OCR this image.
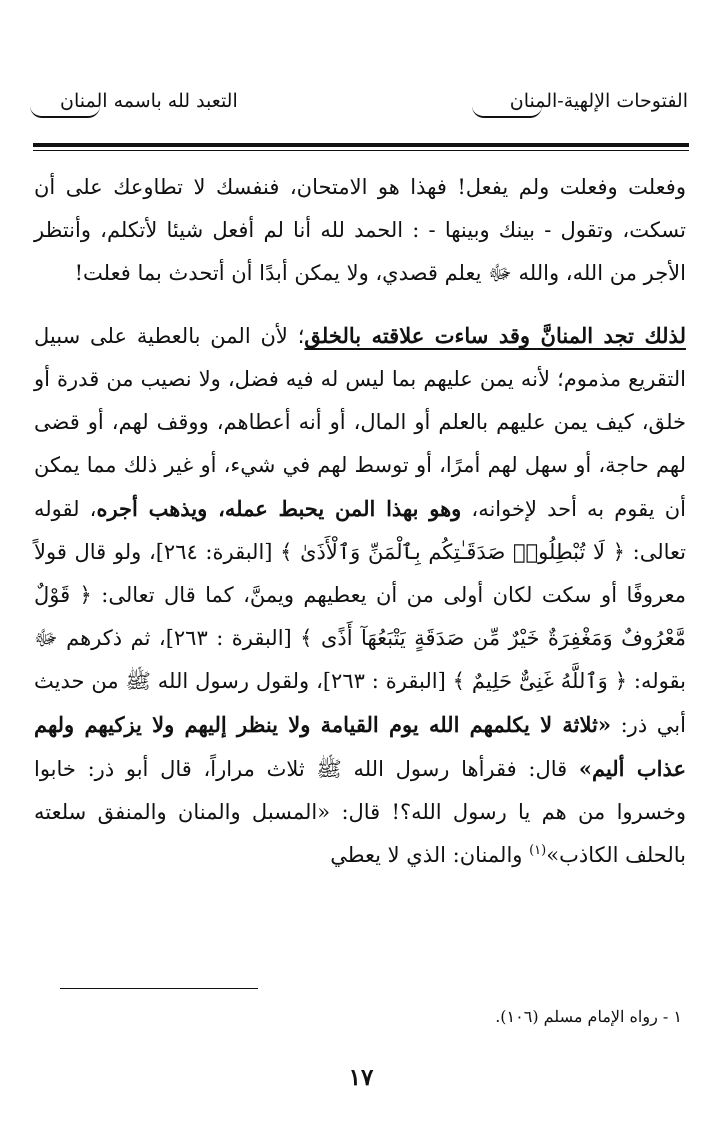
الفتوحات الإلهية-المنان
التعبد لله باسمه المنان

وفعلت وفعلت ولم يفعل! فهذا هو الامتحان، فنفسك لا تطاوعك على أن تسكت، وتقول - بينك وبينها - : الحمد لله أنا لم أفعل شيئا لأتكلم، وأنتظر الأجر من الله، والله ﷻ يعلم قصدي، ولا يمكن أبدًا أن أتحدث بما فعلت!

لذلك تجد المنانَّ وقد ساءت علاقته بالخلق؛ لأن المن بالعطية على سبيل التقريع مذموم؛ لأنه يمن عليهم بما ليس له فيه فضل، ولا نصيب من قدرة أو خلق، كيف يمن عليهم بالعلم أو المال، أو أنه أعطاهم، ووقف لهم، أو قضى لهم حاجة، أو سهل لهم أمرًا، أو توسط لهم في شيء، أو غير ذلك مما يمكن أن يقوم به أحد لإخوانه، وهو بهذا المن يحبط عمله، ويذهب أجره، لقوله تعالى: ﴿ لَا تُبْطِلُوا۟ صَدَقَـٰتِكُم بِٱلْمَنِّ وَٱلْأَذَىٰ ﴾ [البقرة: ٢٦٤]، ولو قال قولاً معروفًا أو سكت لكان أولى من أن يعطيهم ويمنَّ، كما قال تعالى: ﴿ قَوْلٌ مَّعْرُوفٌ وَمَغْفِرَةٌ خَيْرٌ مِّن صَدَقَةٍ يَتْبَعُهَآ أَذًى ﴾ [البقرة : ٢٦٣]، ثم ذكرهم ﷻ بقوله: ﴿ وَٱللَّهُ غَنِىٌّ حَلِيمٌ ﴾ [البقرة : ٢٦٣]، ولقول رسول الله ﷺ من حديث أبي ذر: «ثلاثة لا يكلمهم الله يوم القيامة ولا ينظر إليهم ولا يزكيهم ولهم عذاب أليم» قال: فقرأها رسول الله ﷺ ثلاث مراراً، قال أبو ذر: خابوا وخسروا من هم يا رسول الله؟! قال: «المسبل والمنان والمنفق سلعته بالحلف الكاذب»$^{(١)}$ والمنان: الذي لا يعطي

١ - رواه الإمام مسلم (١٠٦).
١٧
